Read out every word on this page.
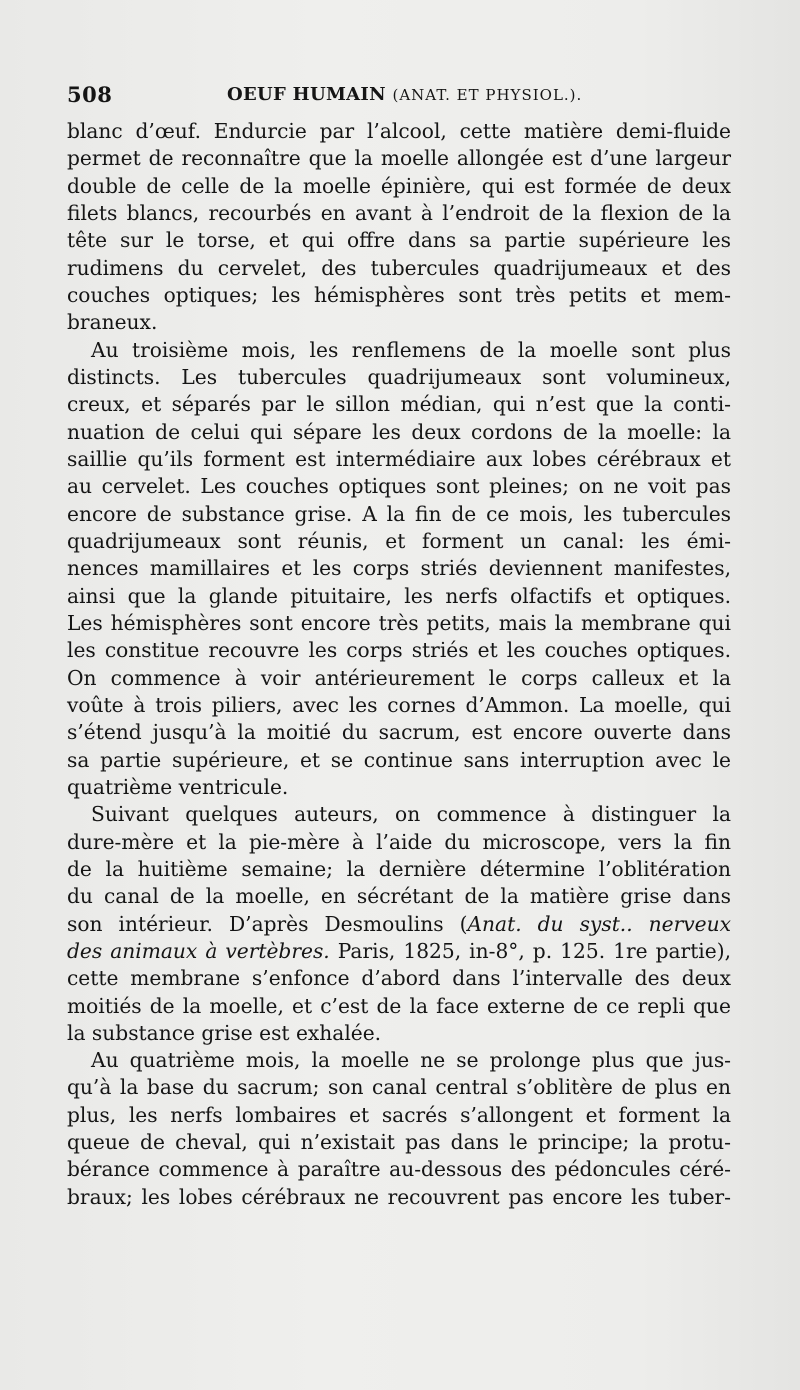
508	OEUF HUMAIN (ANAT. ET PHYSIOL.).
blanc d’œuf. Endurcie par l’alcool, cette matière demi-fluide
permet de reconnaître que la moelle allongée est d’une largeur
double de celle de la moelle épinière, qui est formée de deux
filets blancs, recourbés en avant à l’endroit de la flexion de la
tête sur le torse, et qui offre dans sa partie supérieure les
rudimens du cervelet, des tubercules quadrijumeaux et des
couches optiques; les hémisphères sont très petits et mem-
braneux.
Au troisième mois, les renflemens de la moelle sont plus
distincts. Les tubercules quadrijumeaux sont volumineux,
creux, et séparés par le sillon médian, qui n’est que la conti-
nuation de celui qui sépare les deux cordons de la moelle: la
saillie qu’ils forment est intermédiaire aux lobes cérébraux et
au cervelet. Les couches optiques sont pleines; on ne voit pas
encore de substance grise. A la fin de ce mois, les tubercules
quadrijumeaux sont réunis, et forment un canal: les émi-
nences mamillaires et les corps striés deviennent manifestes,
ainsi que la glande pituitaire, les nerfs olfactifs et optiques.
Les hémisphères sont encore très petits, mais la membrane qui
les constitue recouvre les corps striés et les couches optiques.
On commence à voir antérieurement le corps calleux et la
voûte à trois piliers, avec les cornes d’Ammon. La moelle, qui
s’étend jusqu’à la moitié du sacrum, est encore ouverte dans
sa partie supérieure, et se continue sans interruption avec le
quatrième ventricule.
Suivant quelques auteurs, on commence à distinguer la
dure-mère et la pie-mère à l’aide du microscope, vers la fin
de la huitième semaine; la dernière détermine l’oblitération
du canal de la moelle, en sécrétant de la matière grise dans
son intérieur. D’après Desmoulins (Anat. du syst.. nerveux
des animaux à vertèbres. Paris, 1825, in-8°, p. 125. 1re partie),
cette membrane s’enfonce d’abord dans l’intervalle des deux
moitiés de la moelle, et c’est de la face externe de ce repli que
la substance grise est exhalée.
Au quatrième mois, la moelle ne se prolonge plus que jus-
qu’à la base du sacrum; son canal central s’oblitère de plus en
plus, les nerfs lombaires et sacrés s’allongent et forment la
queue de cheval, qui n’existait pas dans le principe; la protu-
bérance commence à paraître au-dessous des pédoncules céré-
braux; les lobes cérébraux ne recouvrent pas encore les tuber-
